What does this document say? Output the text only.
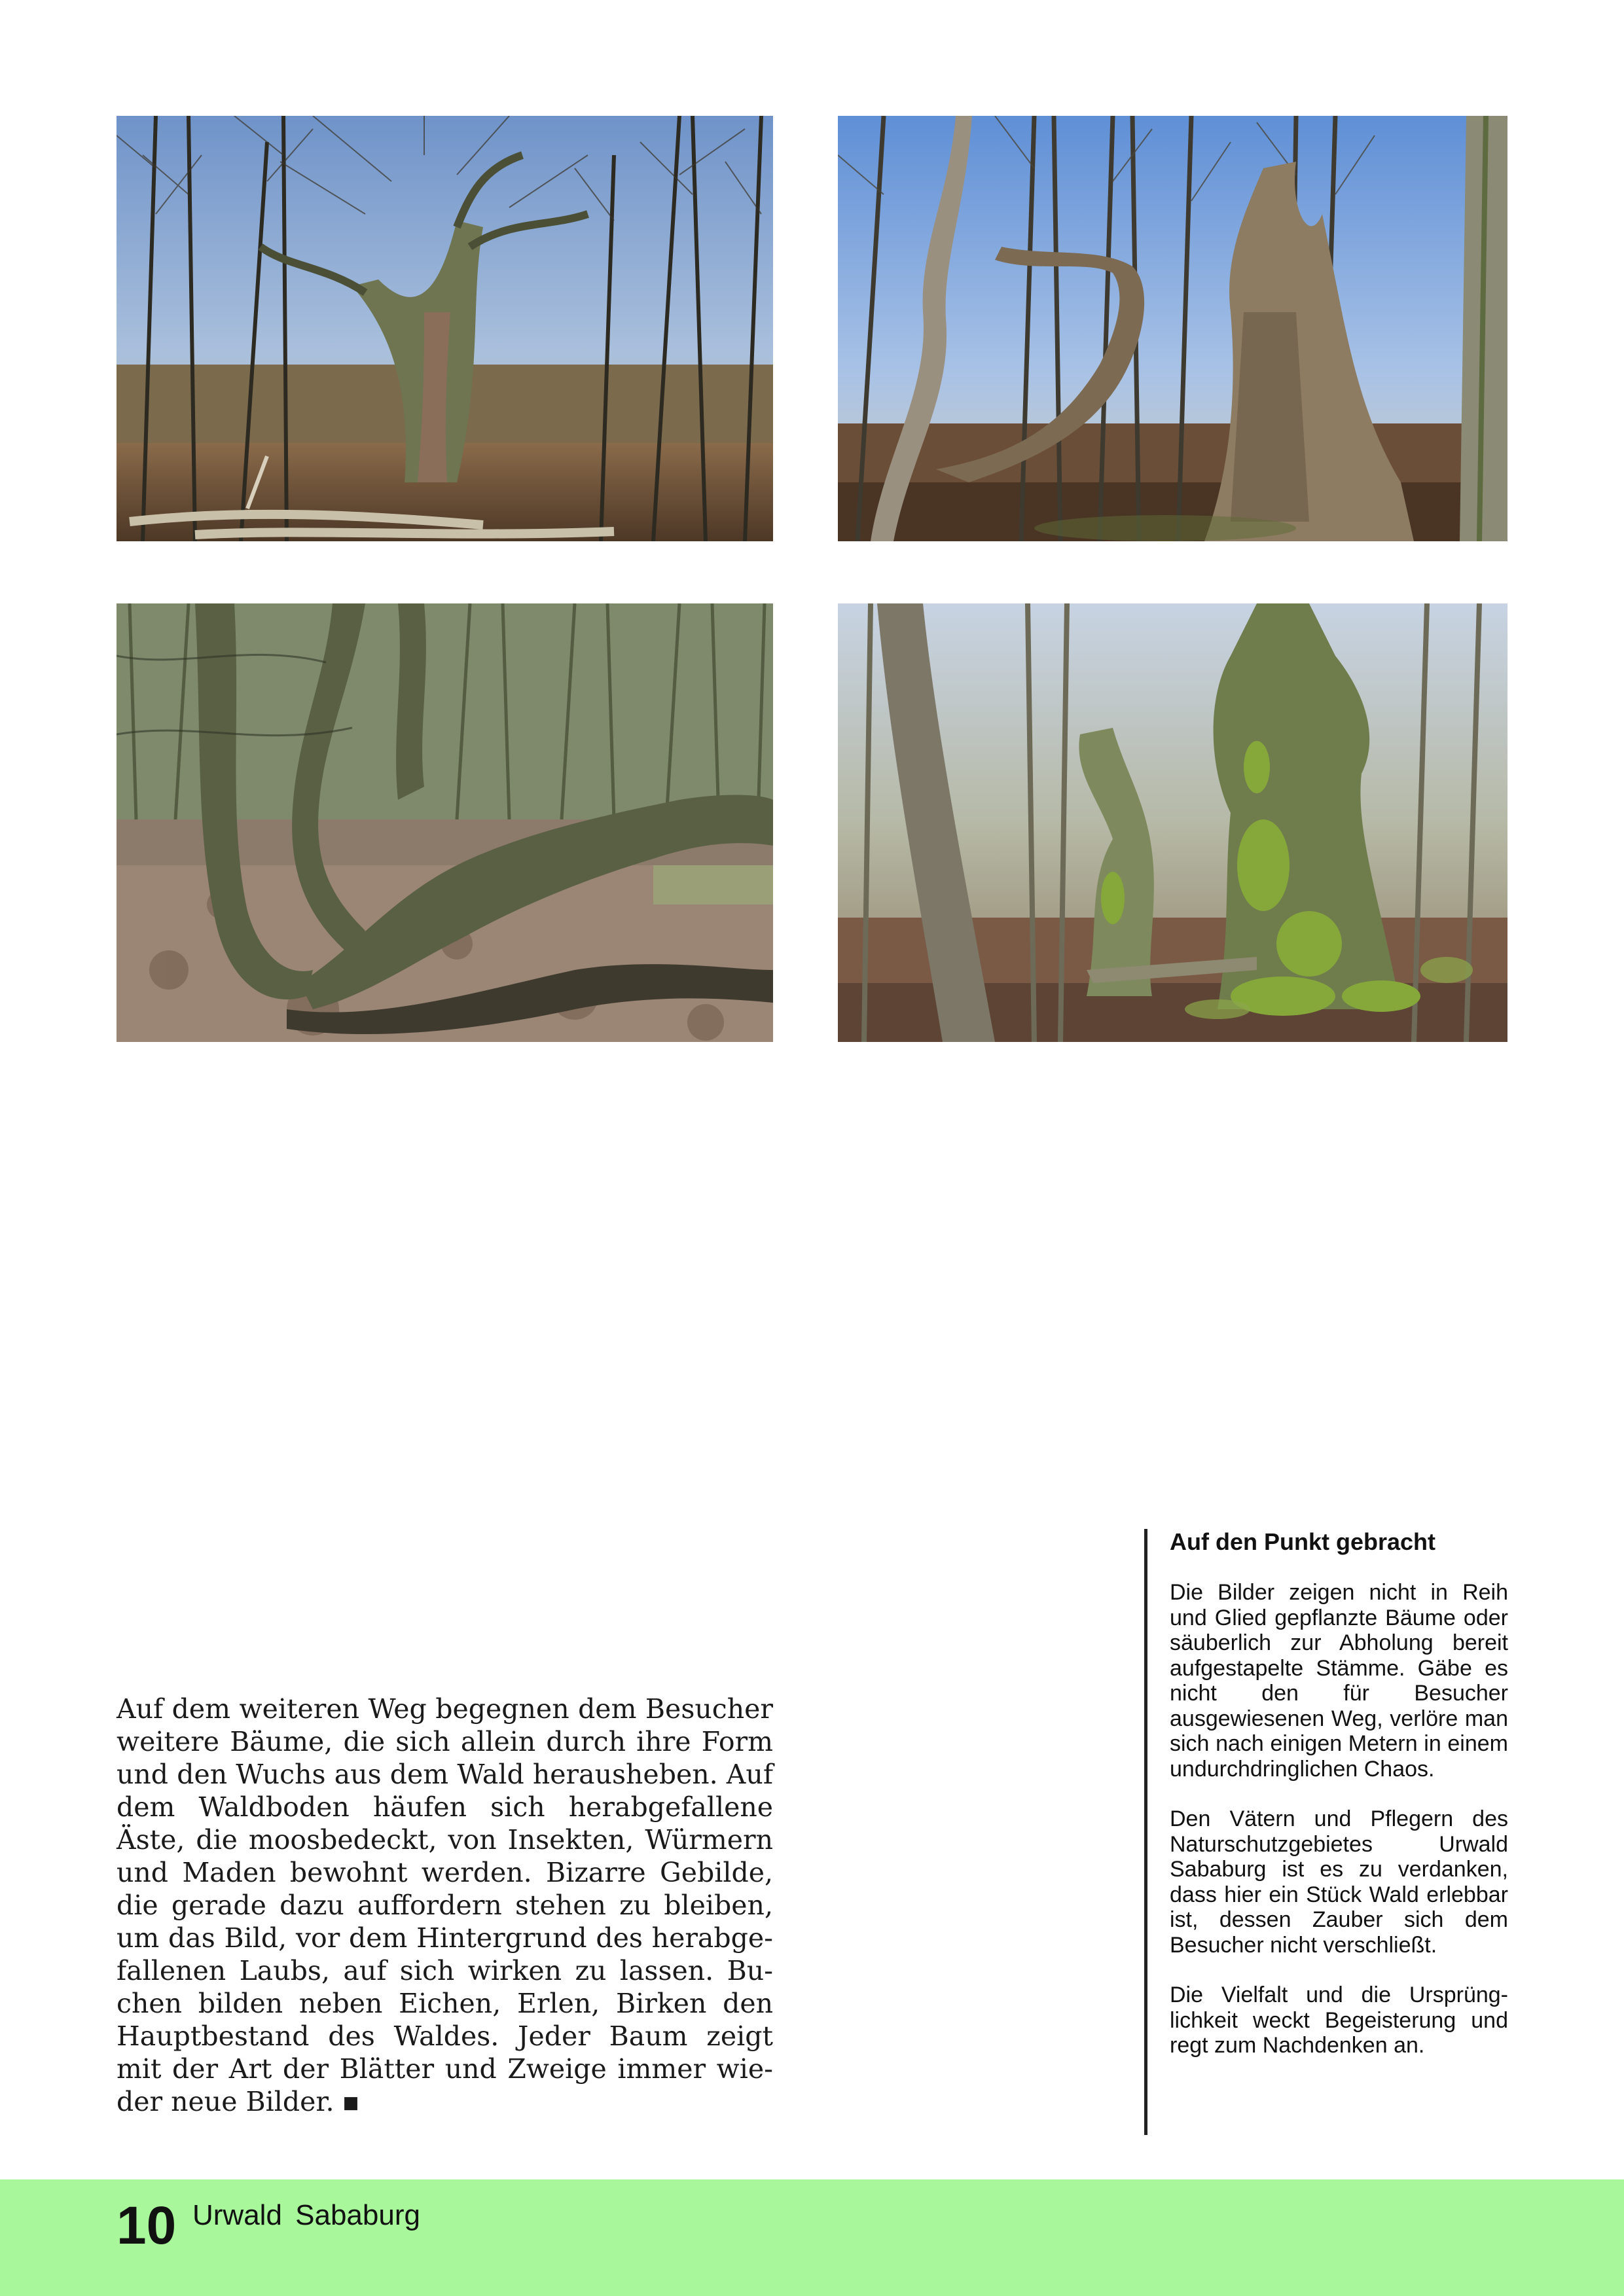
Auf dem weiteren Weg begegnen dem Besucher weitere Bäume, die sich allein durch ihre Form und den Wuchs aus dem Wald herausheben. Auf dem Waldboden häufen sich herabgefallene Äste, die moosbedeckt, von Insekten, Würmern und Maden bewohnt werden. Bizarre Gebilde, die gerade dazu auffordern stehen zu bleiben, um das Bild, vor dem Hintergrund des herabgefallenen Laubs, auf sich wirken zu lassen. Buchen bilden neben Eichen, Erlen, Birken den Hauptbestand des Waldes. Jeder Baum zeigt mit der Art der Blätter und Zweige immer wieder neue Bilder. ■

Auf den Punkt gebracht

Die Bilder zeigen nicht in Reih und Glied gepflanzte Bäume oder säuberlich zur Abholung bereit aufgestapelte Stämme. Gäbe es nicht den für Besucher ausgewiesenen Weg, verlöre man sich nach einigen Metern in einem undurchdringlichen Chaos.

Den Vätern und Pflegern des Naturschutzgebietes Urwald Sababurg ist es zu verdanken, dass hier ein Stück Wald erlebbar ist, dessen Zauber sich dem Besucher nicht verschließt.

Die Vielfalt und die Ursprünglichkeit weckt Begeisterung und regt zum Nachdenken an.

10 Urwald Sababurg
